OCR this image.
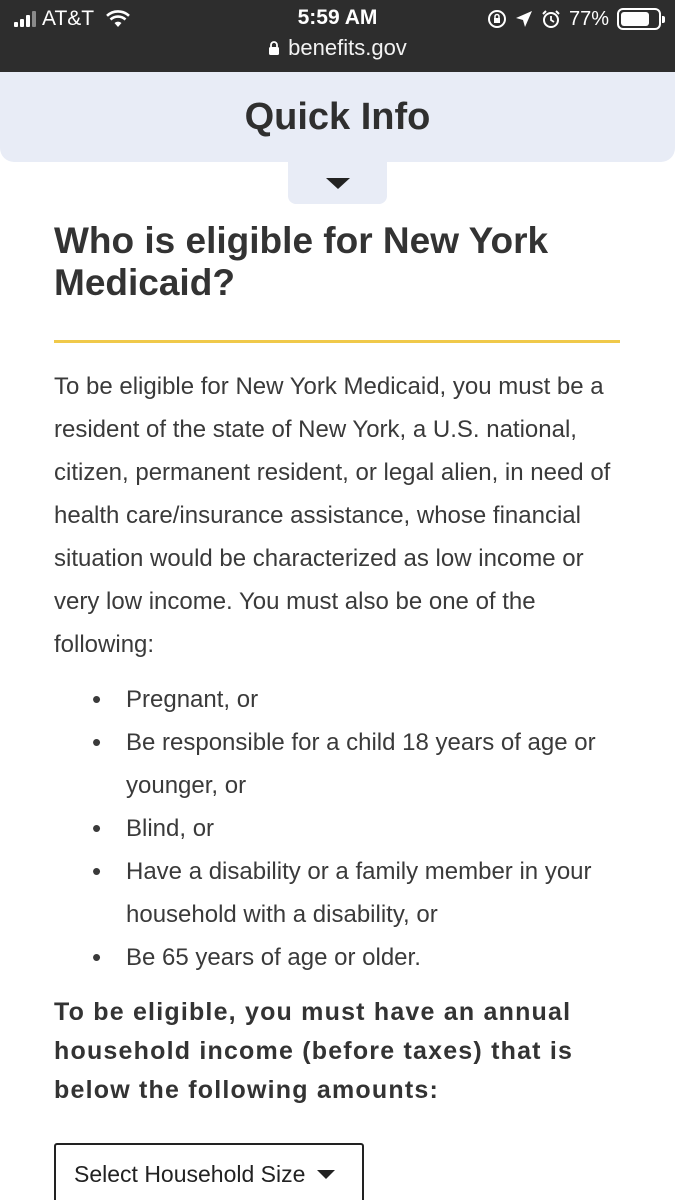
AT&T	5:59 AM
benefits.gov
77%
Quick Info
Who is eligible for New York Medicaid?

To be eligible for New York Medicaid, you must be a resident of the state of New York, a U.S. national, citizen, permanent resident, or legal alien, in need of health care/insurance assistance, whose financial situation would be characterized as low income or very low income. You must also be one of the following:

• Pregnant, or
• Be responsible for a child 18 years of age or younger, or
• Blind, or
• Have a disability or a family member in your household with a disability, or
• Be 65 years of age or older.

To be eligible, you must have an annual household income (before taxes) that is below the following amounts:

Select Household Size
